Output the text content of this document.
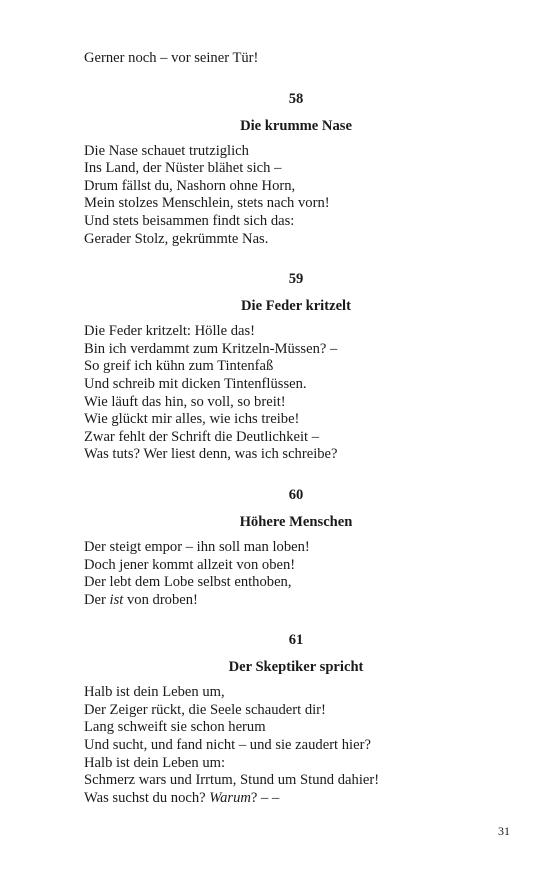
Gerner noch – vor seiner Tür!
58
Die krumme Nase
Die Nase schauet trutziglich
Ins Land, der Nüster blähet sich –
Drum fällst du, Nashorn ohne Horn,
Mein stolzes Menschlein, stets nach vorn!
Und stets beisammen findt sich das:
Gerader Stolz, gekrümmte Nas.
59
Die Feder kritzelt
Die Feder kritzelt: Hölle das!
Bin ich verdammt zum Kritzeln-Müssen? –
So greif ich kühn zum Tintenfaß
Und schreib mit dicken Tintenflüssen.
Wie läuft das hin, so voll, so breit!
Wie glückt mir alles, wie ichs treibe!
Zwar fehlt der Schrift die Deutlichkeit –
Was tuts? Wer liest denn, was ich schreibe?
60
Höhere Menschen
Der steigt empor – ihn soll man loben!
Doch jener kommt allzeit von oben!
Der lebt dem Lobe selbst enthoben,
Der ist von droben!
61
Der Skeptiker spricht
Halb ist dein Leben um,
Der Zeiger rückt, die Seele schaudert dir!
Lang schweift sie schon herum
Und sucht, und fand nicht – und sie zaudert hier?
Halb ist dein Leben um:
Schmerz wars und Irrtum, Stund um Stund dahier!
Was suchst du noch? Warum? – –
31
